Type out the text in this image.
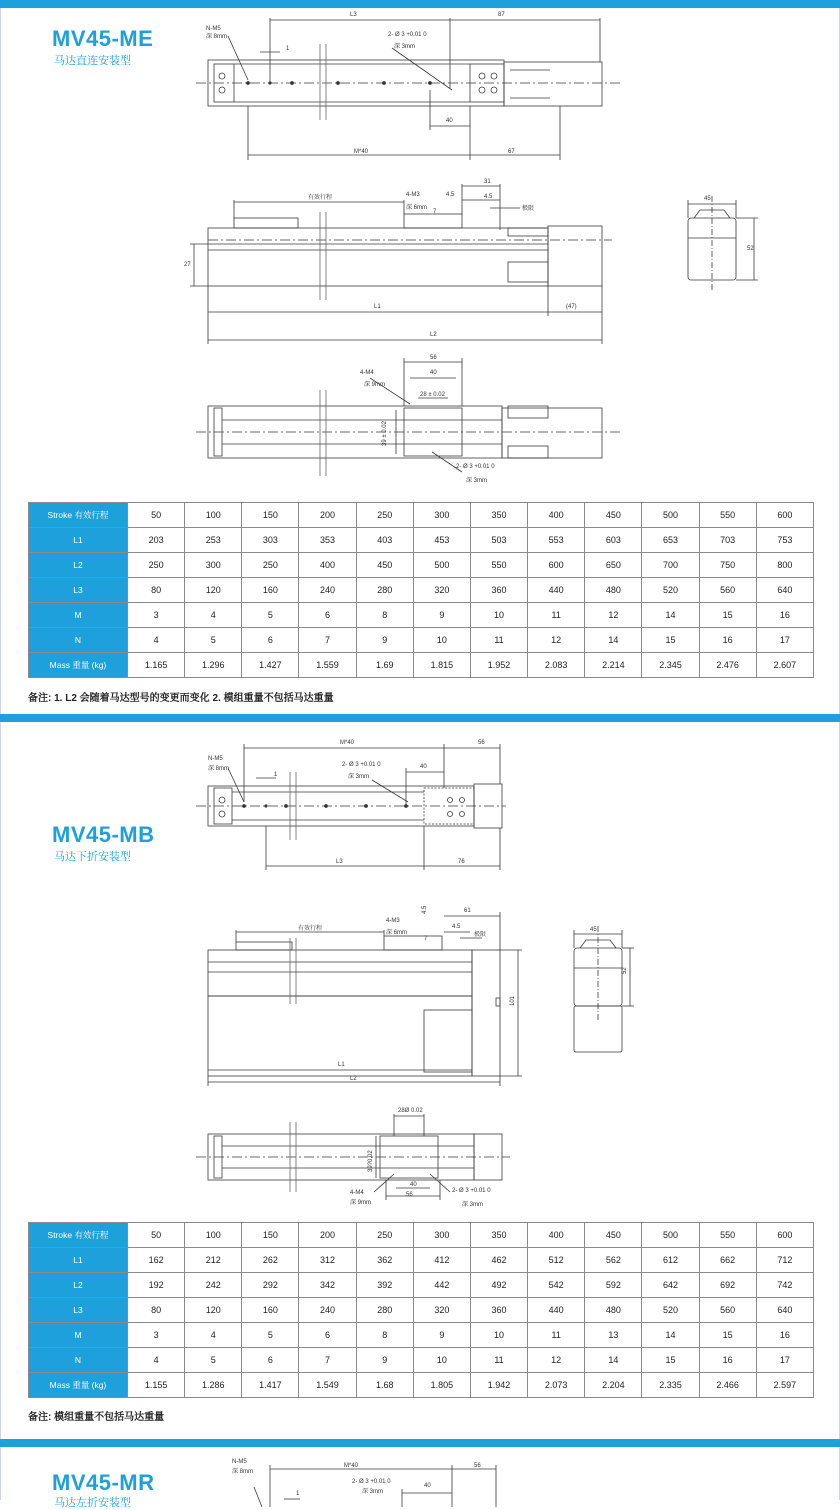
MV45-ME
马达直连安装型
N-M5
深 8mm
L3	87
1
2- Ø 3 +0.01 0
深 3mm
40
M*40	67
有效行程	4-M3
深 6mm
4.5
31
4.5
7	极限
27
L1	(47)
L2
45
52
56
40
4-M4
深 9mm
28 ± 0.02
39 ± 0.02
2- Ø 3 +0.01 0
深 3mm
Stroke 有效行程	50	100	150	200	250	300	350	400	450	500	550	600
L1	203	253	303	353	403	453	503	553	603	653	703	753
L2	250	300	250	400	450	500	550	600	650	700	750	800
L3	80	120	160	240	280	320	360	440	480	520	560	640
M	3	4	5	6	8	9	10	11	12	14	15	16
N	4	5	6	7	9	10	11	12	14	15	16	17
Mass 重量 (kg)	1.165	1.296	1.427	1.559	1.69	1.815	1.952	2.083	2.214	2.345	2.476	2.607
备注: 1. L2 会随着马达型号的变更而变化 2. 模组重量不包括马达重量
MV45-MB
马达下折安装型
N-M5
深 8mm
M*40	56
1
2- Ø 3 +0.01 0
深 3mm
40
L3	76
有效行程
4-M3
深 6mm
4.5	61
4.5
7
极限
101
L1
L2
45
52
28Ø 0.02
39?0.02
40
56
4-M4
深 9mm
2- Ø 3 +0.01 0
深 3mm
Stroke 有效行程	50	100	150	200	250	300	350	400	450	500	550	600
L1	162	212	262	312	362	412	462	512	562	612	662	712
L2	192	242	292	342	392	442	492	542	592	642	692	742
L3	80	120	160	240	280	320	360	440	480	520	560	640
M	3	4	5	6	8	9	10	11	13	14	15	16
N	4	5	6	7	9	10	11	12	14	15	16	17
Mass 重量 (kg)	1.155	1.286	1.417	1.549	1.68	1.805	1.942	2.073	2.204	2.335	2.466	2.597
备注: 模组重量不包括马达重量
MV45-MR
马达左折安装型
N-M5
深 8mm
M*40	56
2- Ø 3 +0.01 0
深 3mm
40
1
